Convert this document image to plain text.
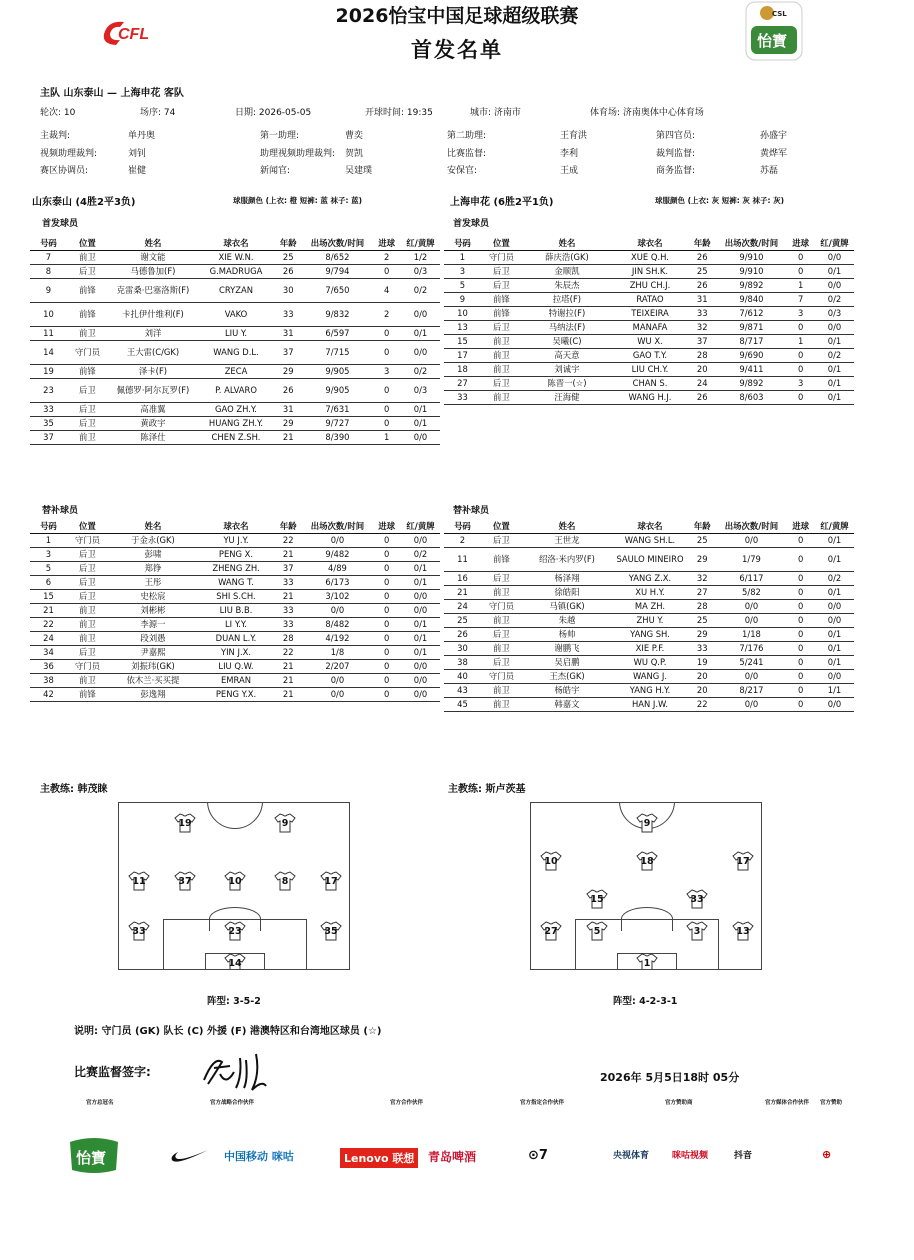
CFL
2026怡宝中国足球超级联赛
首发名单
CSL
怡寶
主队 山东泰山 — 上海申花 客队
轮次: 10	场序: 74	日期: 2026-05-05	开球时间: 19:35	城市: 济南市	体育场: 济南奥体中心体育场
主裁判:	单丹奥	第一助理:	曹奕	第二助理:	王育洪	第四官员:	孙盛宇
视频助理裁判:	刘钊	助理视频助理裁判: 贺凯	比赛监督:	李利	裁判监督:	黄烨军
赛区协调员:	崔健	新闻官:	吴建璞	安保官:	王成	商务监督:	苏磊
山东泰山 (4胜2平3负)	球服颜色 (上衣: 橙 短裤: 蓝 袜子: 蓝)	上海申花 (6胜2平1负)	球服颜色 (上衣: 灰 短裤: 灰 袜子: 灰)
首发球员	首发球员
替补球员	替补球员
号码	位置	姓名	球衣名	年龄	出场次数/时间	进球	红/黄牌
7	前卫	谢文能	XIE W.N.	25	8/652	2	1/2
8	后卫	马德鲁加(F)	G.MADRUGA	26	9/794	0	0/3
9	前锋	克雷桑·巴塞洛斯(F)	CRYZAN	30	7/650	4	0/2
10	前锋	卡扎伊什维利(F)	VAKO	33	9/832	2	0/0
11	前卫	刘洋	LIU Y.	31	6/597	0	0/1
14	守门员	王大雷(C/GK)	WANG D.L.	37	7/715	0	0/0
19	前锋	泽卡(F)	ZECA	29	9/905	3	0/2
23	后卫	佩德罗·阿尔瓦罗(F)	P. ALVARO	26	9/905	0	0/3
33	后卫	高准翼	GAO ZH.Y.	31	7/631	0	0/1
35	后卫	黄政宇	HUANG ZH.Y.	29	9/727	0	0/1
37	前卫	陈泽仕	CHEN Z.SH.	21	8/390	1	0/0
号码	位置	姓名	球衣名	年龄	出场次数/时间	进球	红/黄牌
1	守门员	薛庆浩(GK)	XUE Q.H.	26	9/910	0	0/0
3	后卫	金顺凯	JIN SH.K.	25	9/910	0	0/1
5	后卫	朱辰杰	ZHU CH.J.	26	9/892	1	0/0
9	前锋	拉塔(F)	RATAO	31	9/840	7	0/2
10	前锋	特谢拉(F)	TEIXEIRA	33	7/612	3	0/3
13	后卫	马纳法(F)	MANAFA	32	9/871	0	0/0
15	前卫	吴曦(C)	WU X.	37	8/717	1	0/1
17	前卫	高天意	GAO T.Y.	28	9/690	0	0/2
18	前卫	刘诚宇	LIU CH.Y.	20	9/411	0	0/1
27	后卫	陈晋一(☆)	CHAN S.	24	9/892	3	0/1
33	前卫	汪海健	WANG H.J.	26	8/603	0	0/1
号码	位置	姓名	球衣名	年龄	出场次数/时间	进球	红/黄牌
1	守门员	于金永(GK)	YU J.Y.	22	0/0	0	0/0
3	后卫	彭啸	PENG X.	21	9/482	0	0/2
5	后卫	郑铮	ZHENG ZH.	37	4/89	0	0/1
6	后卫	王彤	WANG T.	33	6/173	0	0/1
15	后卫	史松宸	SHI S.CH.	21	3/102	0	0/0
21	前卫	刘彬彬	LIU B.B.	33	0/0	0	0/0
22	前卫	李源一	LI Y.Y.	33	8/482	0	0/1
24	前卫	段刘愚	DUAN L.Y.	28	4/192	0	0/1
34	后卫	尹嘉熙	YIN J.X.	22	1/8	0	0/1
36	守门员	刘振玮(GK)	LIU Q.W.	21	2/207	0	0/0
38	前卫	依木兰·买买提	EMRAN	21	0/0	0	0/0
42	前锋	彭逸翔	PENG Y.X.	21	0/0	0	0/0
号码	位置	姓名	球衣名	年龄	出场次数/时间	进球	红/黄牌
2	后卫	王世龙	WANG SH.L.	25	0/0	0	0/1
11	前锋	绍洛·米内罗(F)	SAULO MINEIRO	29	1/79	0	0/1
16	后卫	杨泽翔	YANG Z.X.	32	6/117	0	0/2
21	前卫	徐皓阳	XU H.Y.	27	5/82	0	0/1
24	守门员	马镇(GK)	MA ZH.	28	0/0	0	0/0
25	前卫	朱越	ZHU Y.	25	0/0	0	0/0
26	后卫	杨帅	YANG SH.	29	1/18	0	0/1
30	前卫	谢鹏飞	XIE P.F.	33	7/176	0	0/1
38	后卫	吴启鹏	WU Q.P.	19	5/241	0	0/1
40	守门员	王杰(GK)	WANG J.	20	0/0	0	0/0
43	前卫	杨皓宇	YANG H.Y.	20	8/217	0	1/1
45	前卫	韩嘉文	HAN J.W.	22	0/0	0	0/0
主教练: 韩茂睐	主教练: 斯卢茨基
19	9
11	37	10	8	17
33	23	35
14
9
10	18	17
15	33
27	5	3	13
1
阵型: 3-5-2	阵型: 4-2-3-1
说明: 守门员 (GK) 队长 (C) 外援 (F) 港澳特区和台湾地区球员 (☆)
比赛监督签字:	2026年 5月5日18时 05分
官方总冠名	官方战略合作伙伴	官方合作伙伴	官方指定合作伙伴	官方赞助商	官方媒体合作伙伴 官方赞助
怡寶	中国移动 咪咕	Lenovo 联想	青岛啤酒	⊙7	央视体育	咪咕视频	抖音	⊕
